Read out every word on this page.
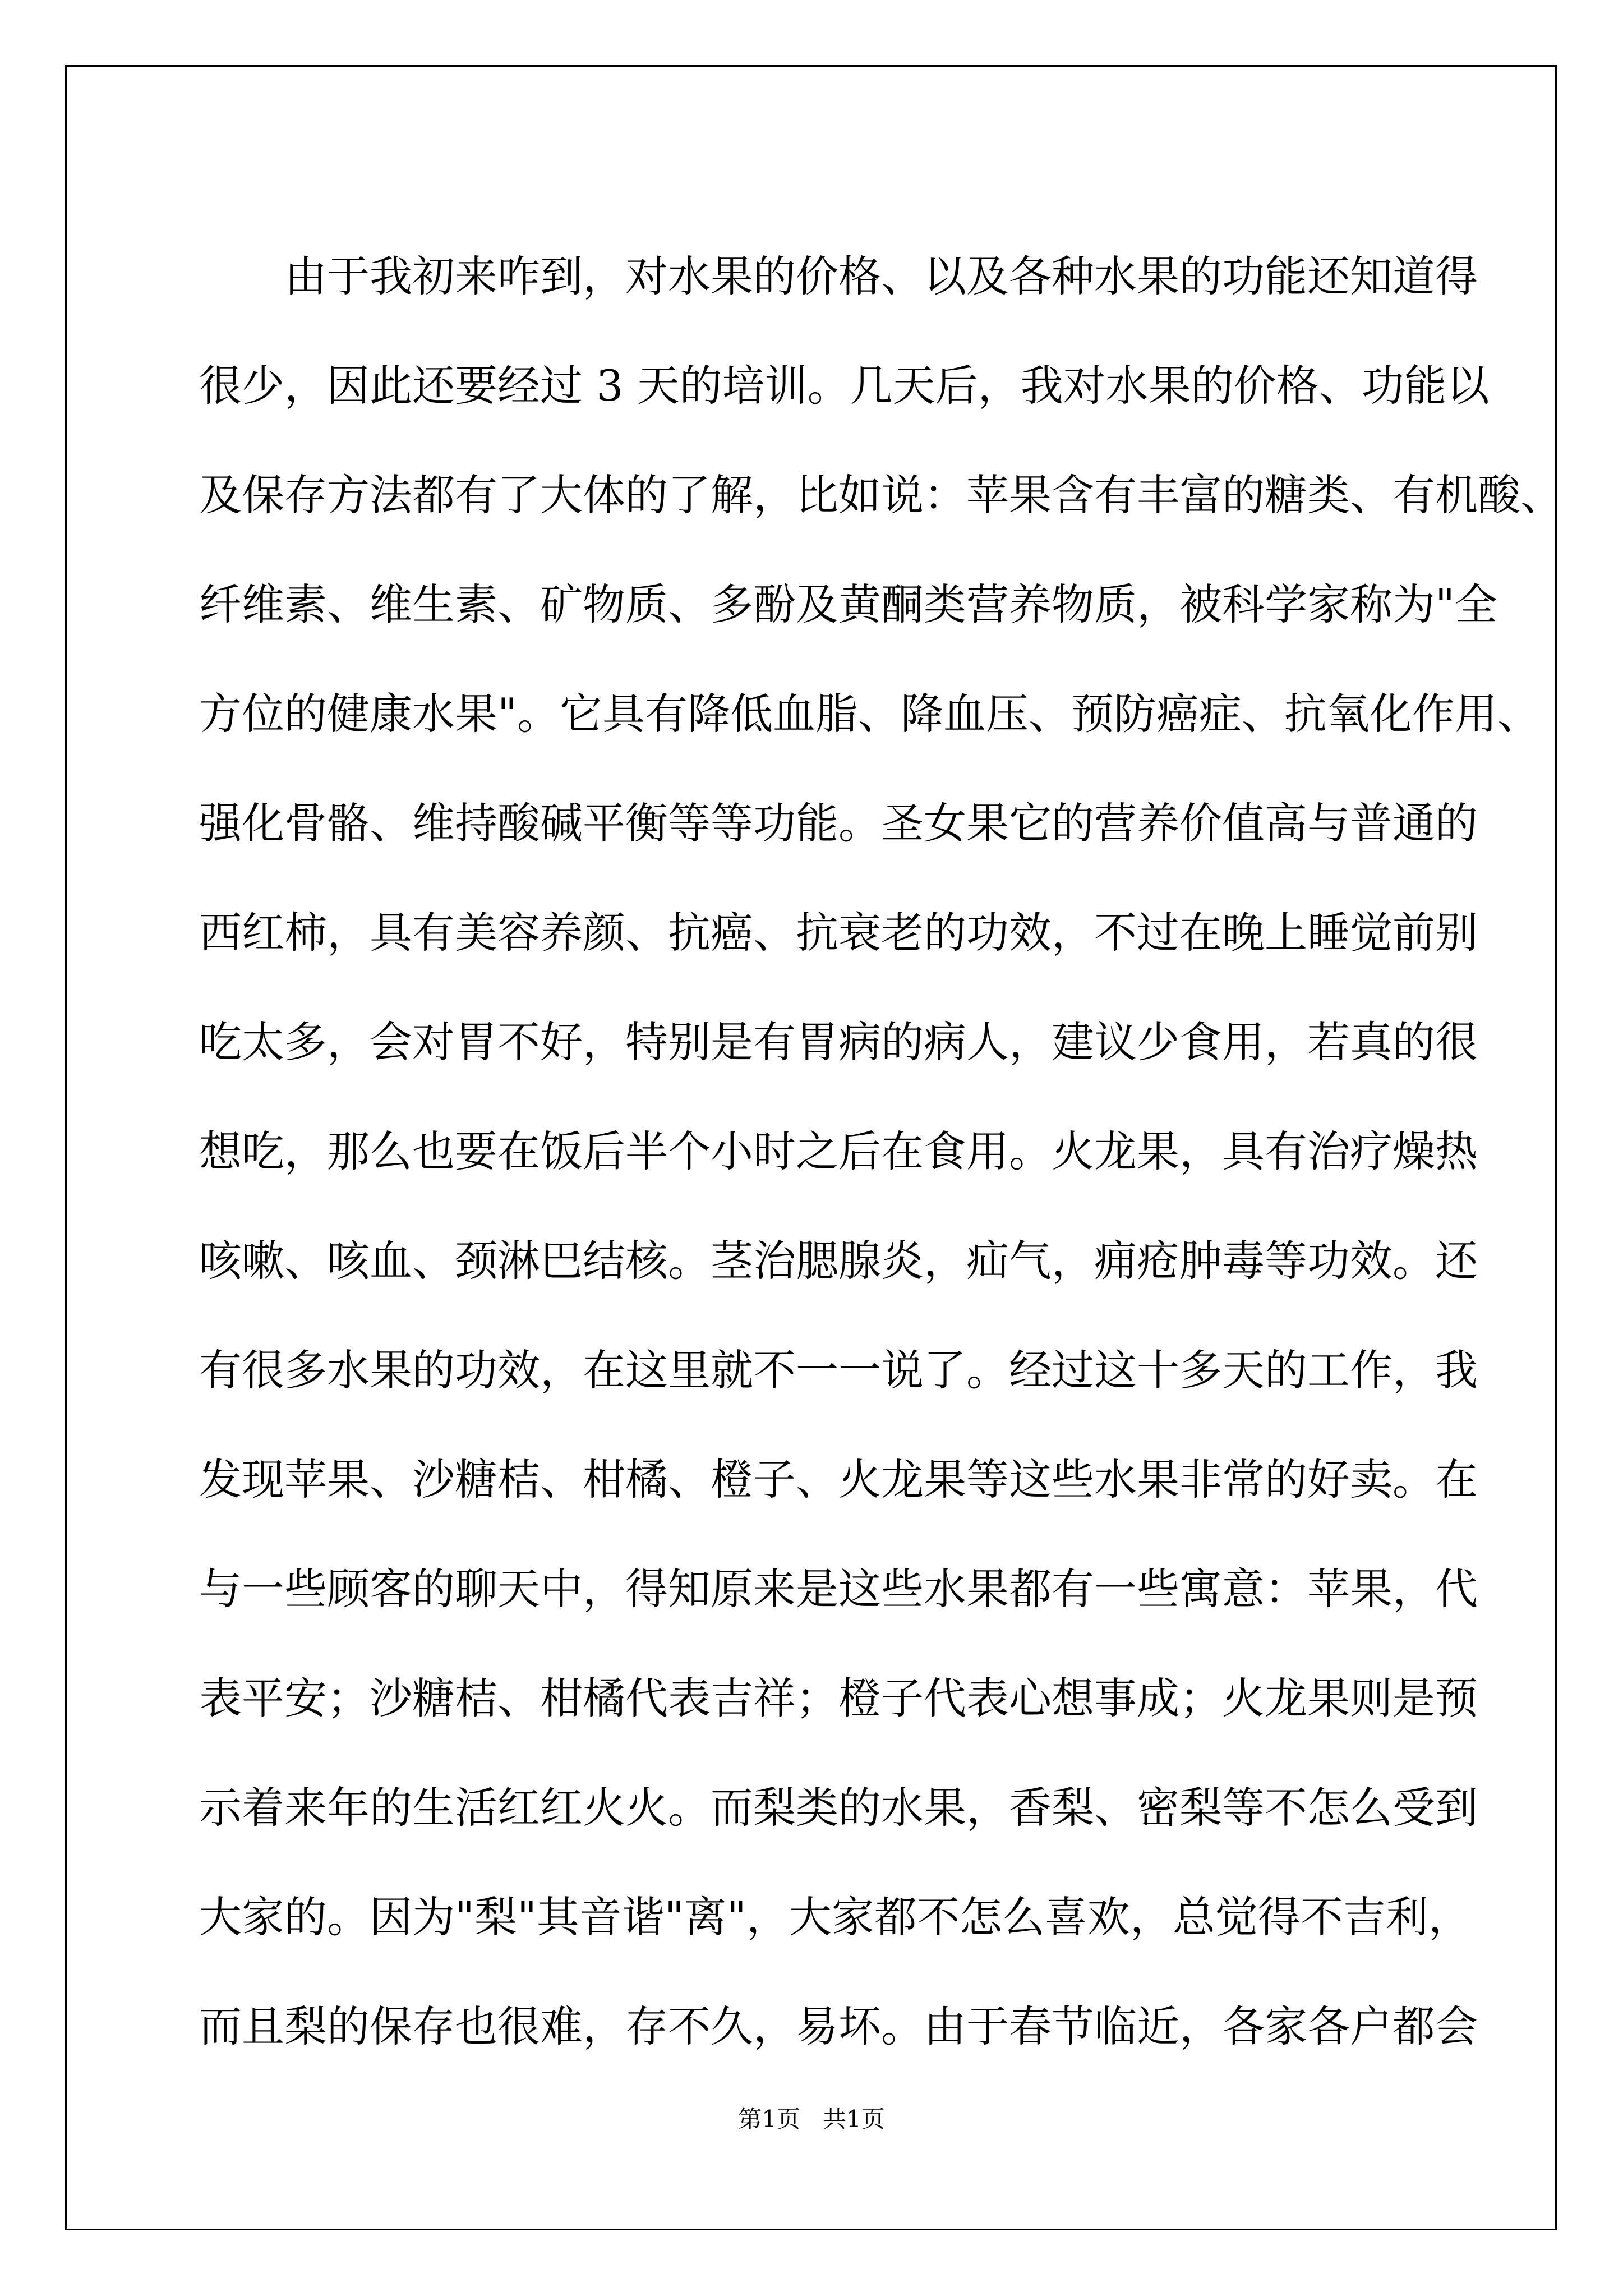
由于我初来咋到，对水果的价格、以及各种水果的功能还知道得
很少，因此还要经过 3 天的培训。几天后，我对水果的价格、功能以
及保存方法都有了大体的了解，比如说：苹果含有丰富的糖类、有机酸、
纤维素、维生素、矿物质、多酚及黄酮类营养物质，被科学家称为"全
方位的健康水果"。它具有降低血脂、降血压、预防癌症、抗氧化作用、
强化骨骼、维持酸碱平衡等等功能。圣女果它的营养价值高与普通的
西红柿，具有美容养颜、抗癌、抗衰老的功效，不过在晚上睡觉前别
吃太多，会对胃不好，特别是有胃病的病人，建议少食用，若真的很
想吃，那么也要在饭后半个小时之后在食用。火龙果，具有治疗燥热
咳嗽、咳血、颈淋巴结核。茎治腮腺炎，疝气，痈疮肿毒等功效。还
有很多水果的功效，在这里就不一一说了。经过这十多天的工作，我
发现苹果、沙糖桔、柑橘、橙子、火龙果等这些水果非常的好卖。在
与一些顾客的聊天中，得知原来是这些水果都有一些寓意：苹果，代
表平安；沙糖桔、柑橘代表吉祥；橙子代表心想事成；火龙果则是预
示着来年的生活红红火火。而梨类的水果，香梨、密梨等不怎么受到
大家的。因为"梨"其音谐"离"，大家都不怎么喜欢，总觉得不吉利，
而且梨的保存也很难，存不久，易坏。由于春节临近，各家各户都会
第1页   共1页
